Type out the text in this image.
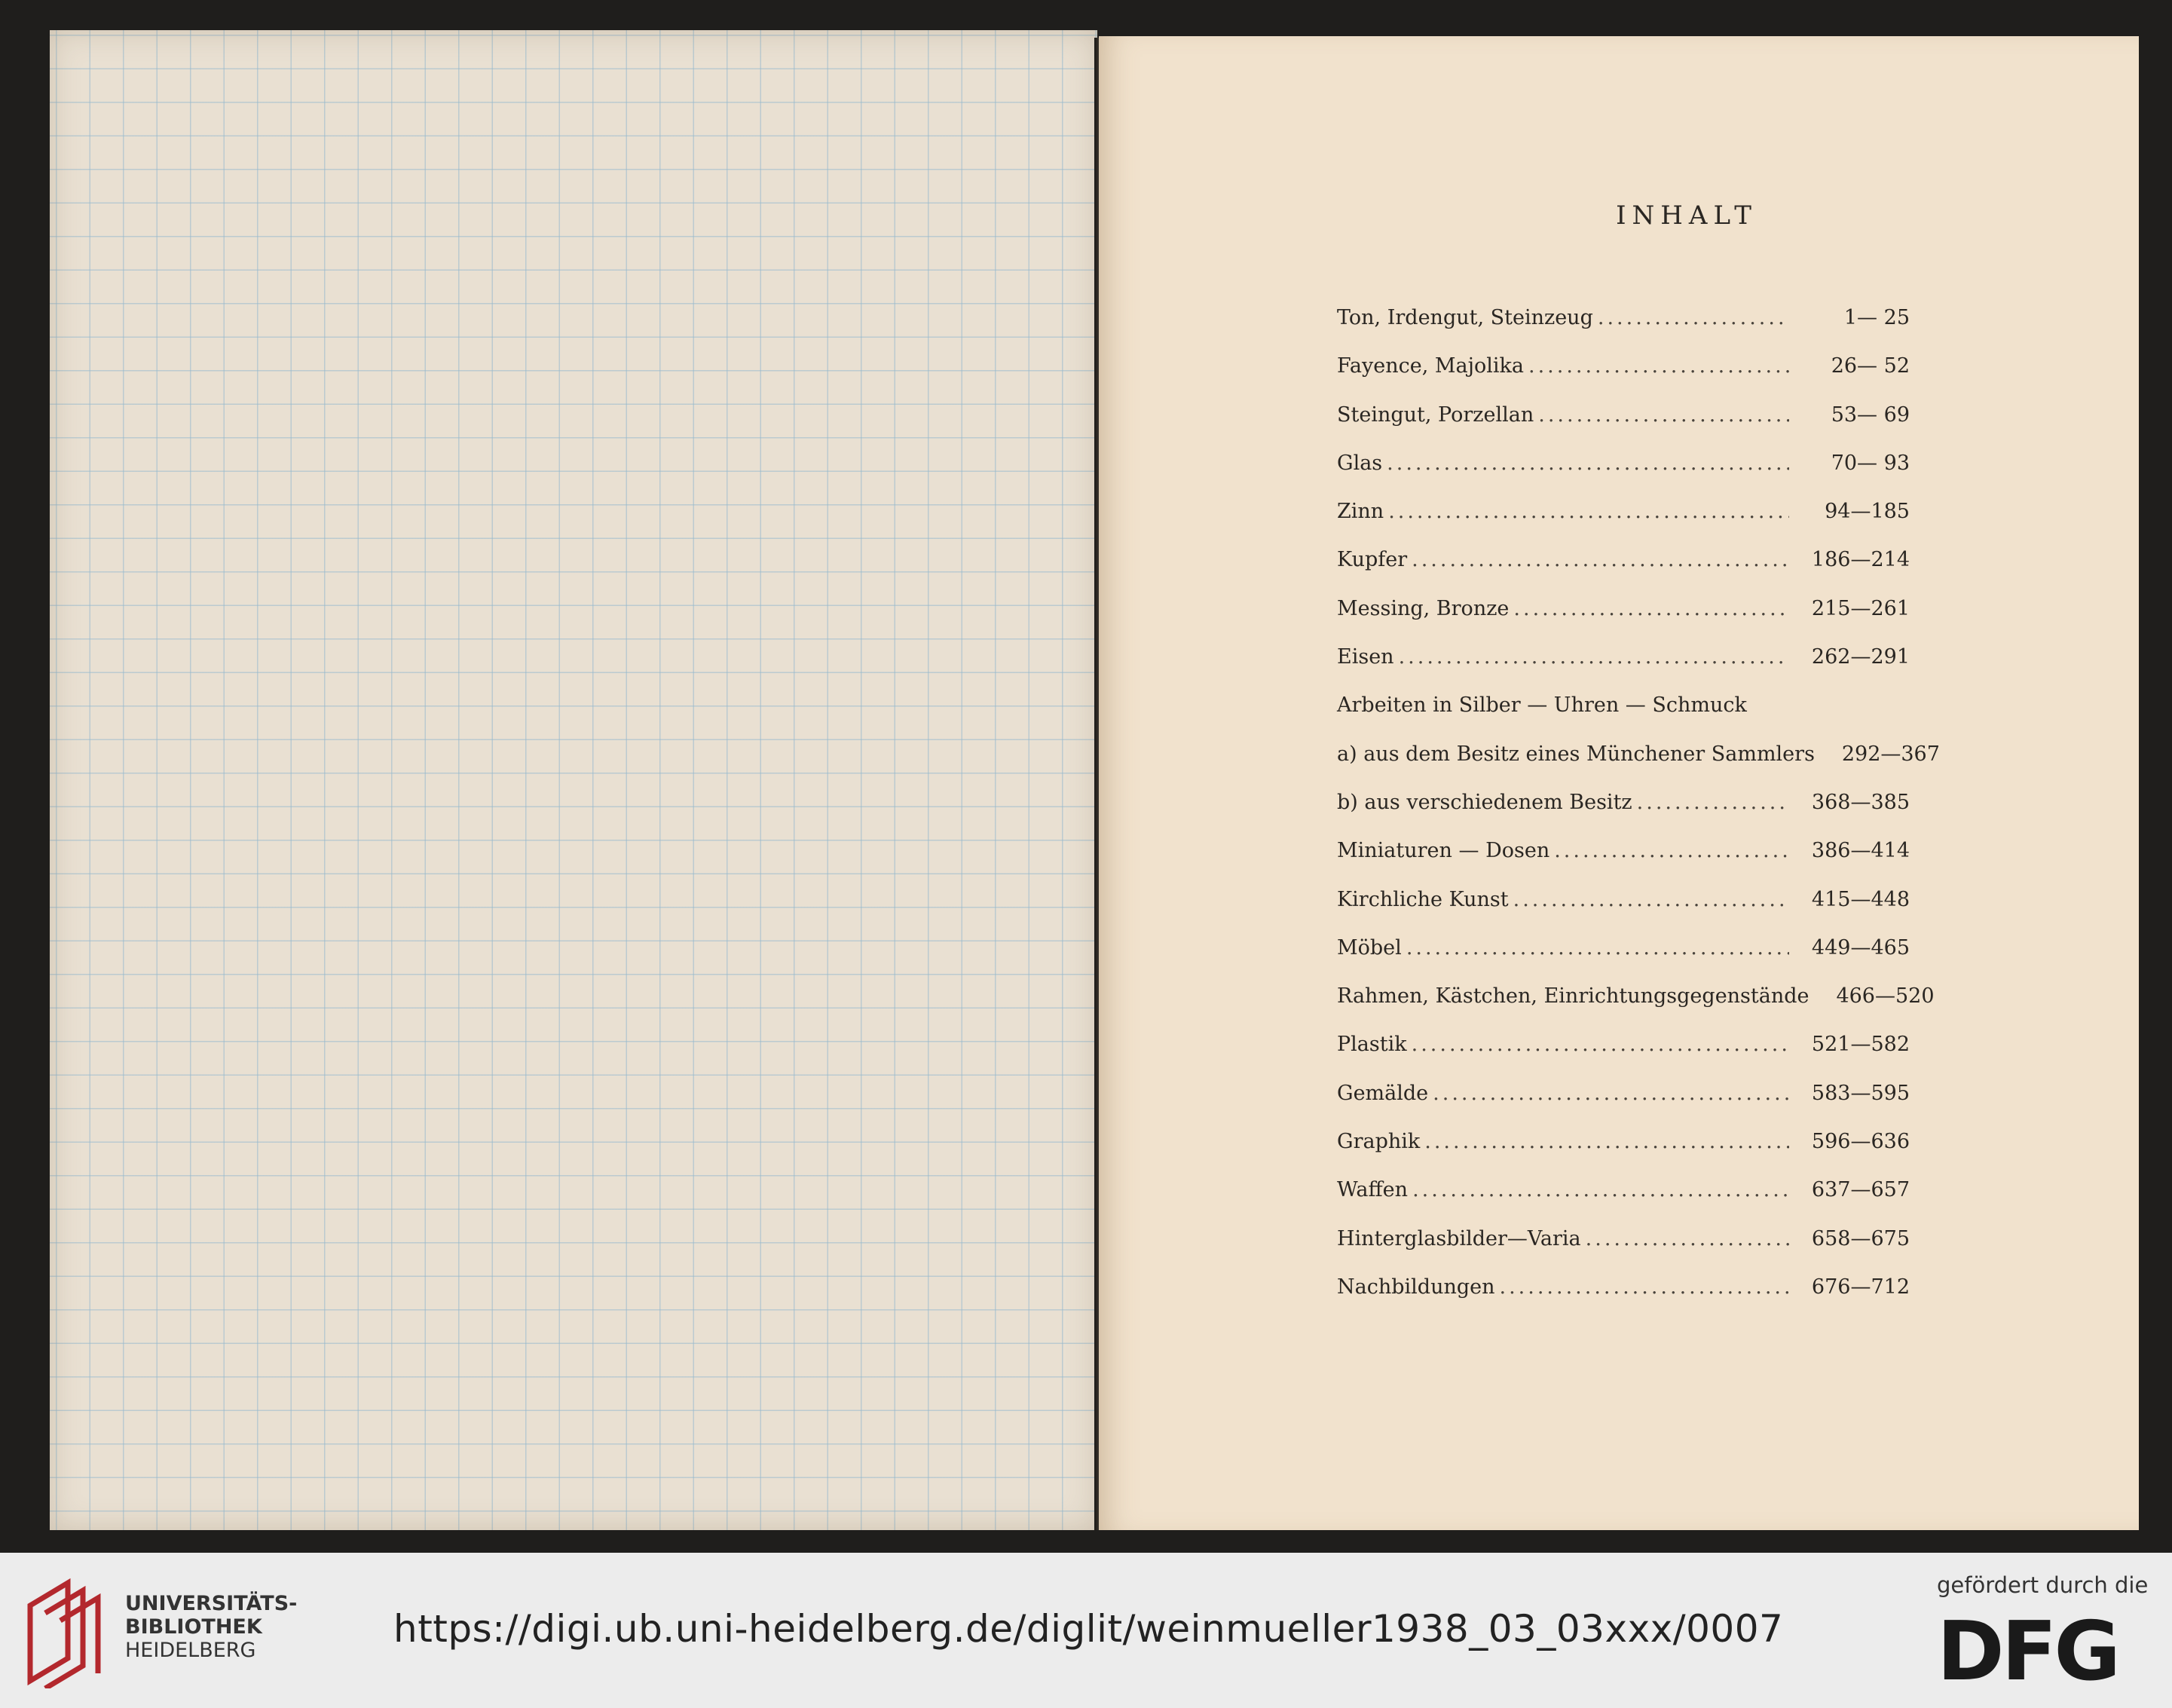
INHALT
Ton, Irdengut, Steinzeug .....	1— 25
Fayence, Majolika .....	26— 52
Steingut, Porzellan .....	53— 69
Glas .....	70— 93
Zinn .....	94—185
Kupfer .....	186—214
Messing, Bronze .....	215—261
Eisen .....	262—291
Arbeiten in Silber — Uhren — Schmuck
a) aus dem Besitz eines Münchener Sammlers	292—367
b) aus verschiedenem Besitz .....	368—385
Miniaturen — Dosen .....	386—414
Kirchliche Kunst .....	415—448
Möbel .....	449—465
Rahmen, Kästchen, Einrichtungsgegenstände	466—520
Plastik .....	521—582
Gemälde .....	583—595
Graphik .....	596—636
Waffen .....	637—657
Hinterglasbilder—Varia .....	658—675
Nachbildungen .....	676—712
UNIVERSITÄTS-
BIBLIOTHEK
HEIDELBERG	https://digi.ub.uni-heidelberg.de/diglit/weinmueller1938_03_03xxx/0007
gefördert durch die
DFG
